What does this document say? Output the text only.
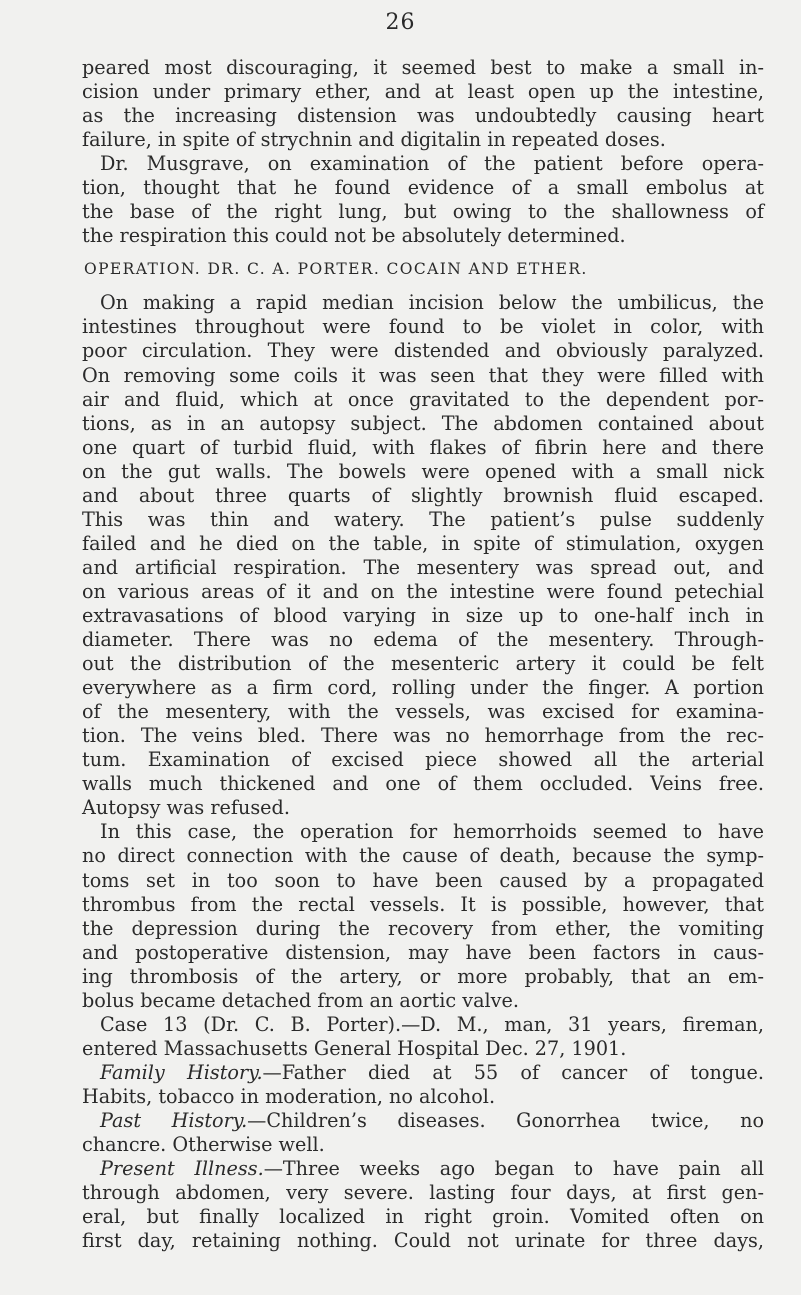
26
peared most discouraging, it seemed best to make a small in-
cision under primary ether, and at least open up the intestine,
as the increasing distension was undoubtedly causing heart
failure, in spite of strychnin and digitalin in repeated doses.
Dr. Musgrave, on examination of the patient before opera-
tion, thought that he found evidence of a small embolus at
the base of the right lung, but owing to the shallowness of
the respiration this could not be absolutely determined.
OPERATION. DR. C. A. PORTER. COCAIN AND ETHER.
On making a rapid median incision below the umbilicus, the
intestines throughout were found to be violet in color, with
poor circulation. They were distended and obviously paralyzed.
On removing some coils it was seen that they were filled with
air and fluid, which at once gravitated to the dependent por-
tions, as in an autopsy subject. The abdomen contained about
one quart of turbid fluid, with flakes of fibrin here and there
on the gut walls. The bowels were opened with a small nick
and about three quarts of slightly brownish fluid escaped.
This was thin and watery. The patient’s pulse suddenly
failed and he died on the table, in spite of stimulation, oxygen
and artificial respiration. The mesentery was spread out, and
on various areas of it and on the intestine were found petechial
extravasations of blood varying in size up to one-half inch in
diameter. There was no edema of the mesentery. Through-
out the distribution of the mesenteric artery it could be felt
everywhere as a firm cord, rolling under the finger. A portion
of the mesentery, with the vessels, was excised for examina-
tion. The veins bled. There was no hemorrhage from the rec-
tum. Examination of excised piece showed all the arterial
walls much thickened and one of them occluded. Veins free.
Autopsy was refused.
In this case, the operation for hemorrhoids seemed to have
no direct connection with the cause of death, because the symp-
toms set in too soon to have been caused by a propagated
thrombus from the rectal vessels. It is possible, however, that
the depression during the recovery from ether, the vomiting
and postoperative distension, may have been factors in caus-
ing thrombosis of the artery, or more probably, that an em-
bolus became detached from an aortic valve.
Case 13 (Dr. C. B. Porter).—D. M., man, 31 years, fireman,
entered Massachusetts General Hospital Dec. 27, 1901.
Family History.—Father died at 55 of cancer of tongue.
Habits, tobacco in moderation, no alcohol.
Past History.—Children’s diseases. Gonorrhea twice, no
chancre. Otherwise well.
Present Illness.—Three weeks ago began to have pain all
through abdomen, very severe. lasting four days, at first gen-
eral, but finally localized in right groin. Vomited often on
first day, retaining nothing. Could not urinate for three days,
